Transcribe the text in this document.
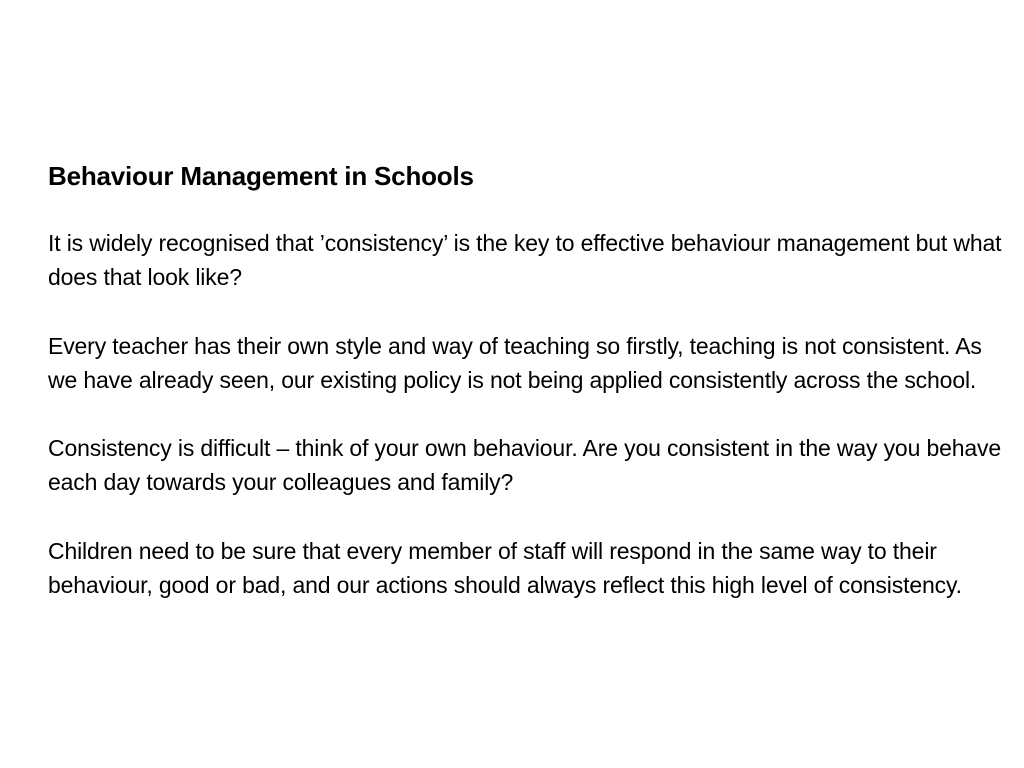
Behaviour Management in Schools

It is widely recognised that ’consistency’ is the key to effective behaviour management but what does that look like?

Every teacher has their own style and way of teaching so firstly, teaching is not consistent. As we have already seen, our existing policy is not being applied consistently across the school.

Consistency is difficult – think of your own behaviour. Are you consistent in the way you behave each day towards your colleagues and family?

Children need to be sure that every member of staff will respond in the same way to their behaviour, good or bad, and our actions should always reflect this high level of consistency.
